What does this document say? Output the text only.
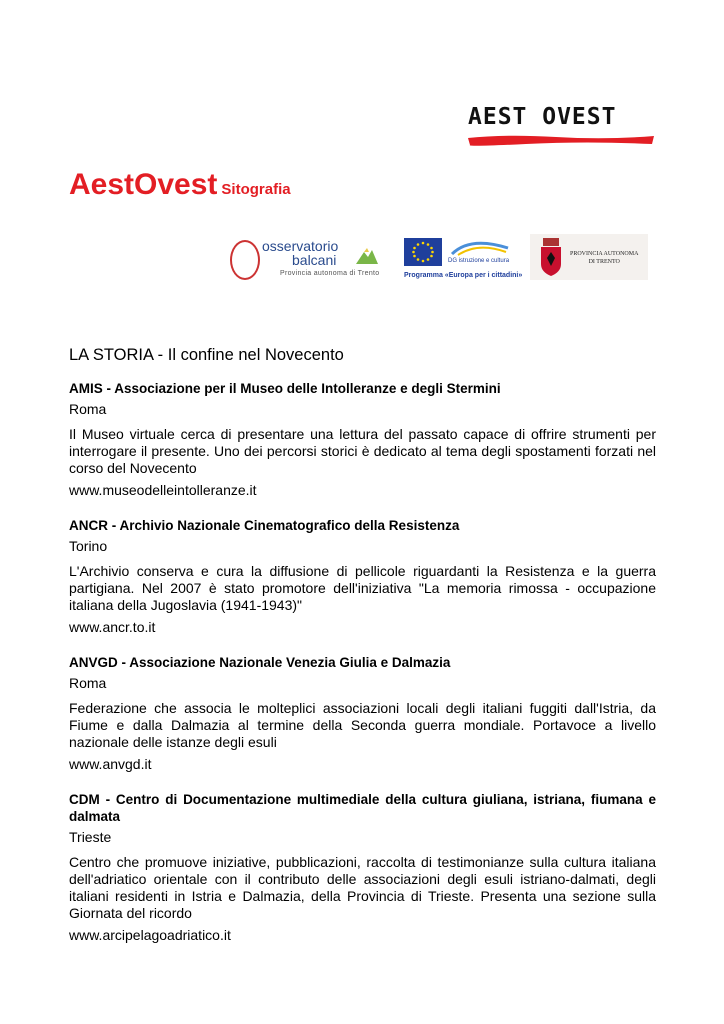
AEST OVEST
AestOvest Sitografia
osservatorio
balcani
Provincia autonoma di Trento
DG istruzione e cultura
Programma «Europa per i cittadini»
PROVINCIA AUTONOMA
DI TRENTO

LA STORIA - Il confine nel Novecento

AMIS - Associazione per il Museo delle Intolleranze e degli Stermini

Roma

Il Museo virtuale cerca di presentare una lettura del passato capace di offrire strumenti per interrogare il presente. Uno dei percorsi storici è dedicato al tema degli spostamenti forzati nel corso del Novecento

www.museodelleintolleranze.it

ANCR - Archivio Nazionale Cinematografico della Resistenza

Torino

L'Archivio conserva e cura la diffusione di pellicole riguardanti la Resistenza e la guerra partigiana. Nel 2007 è stato promotore dell'iniziativa "La memoria rimossa - occupazione italiana della Jugoslavia (1941-1943)"

www.ancr.to.it

ANVGD - Associazione Nazionale Venezia Giulia e Dalmazia

Roma

Federazione che associa le molteplici associazioni locali degli italiani fuggiti dall'Istria, da Fiume e dalla Dalmazia al termine della Seconda guerra mondiale. Portavoce a livello nazionale delle istanze degli esuli

www.anvgd.it

CDM - Centro di Documentazione multimediale della cultura giuliana, istriana, fiumana e dalmata

Trieste

Centro che promuove iniziative, pubblicazioni, raccolta di testimonianze sulla cultura italiana dell'adriatico orientale con il contributo delle associazioni degli esuli istriano-dalmati, degli italiani residenti in Istria e Dalmazia, della Provincia di Trieste. Presenta una sezione sulla Giornata del ricordo

www.arcipelagoadriatico.it
